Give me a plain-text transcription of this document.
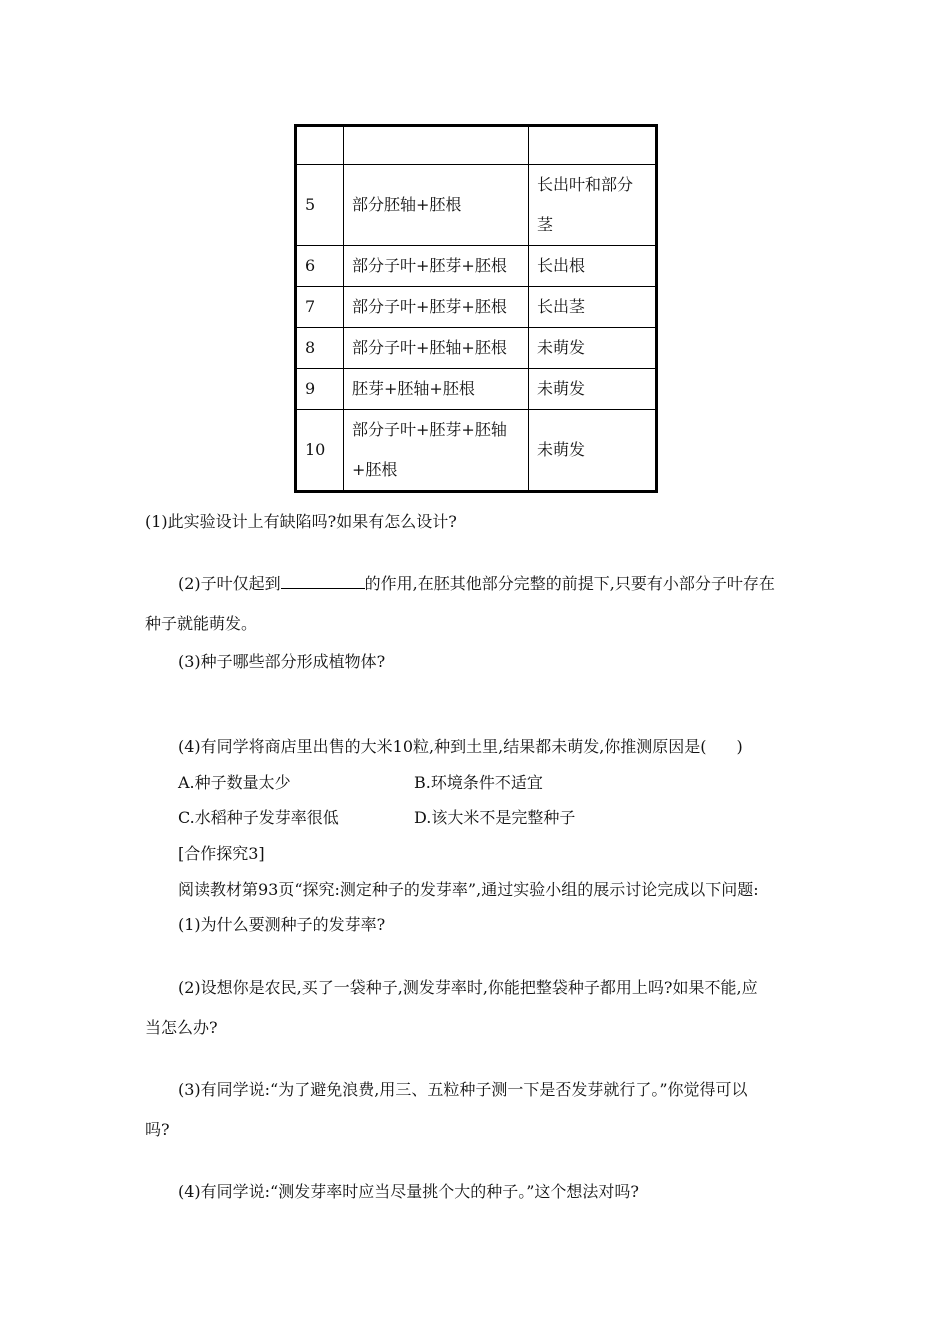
5	部分胚轴+胚根	长出叶和部分茎
6	部分子叶+胚芽+胚根	长出根
7	部分子叶+胚芽+胚根	长出茎
8	部分子叶+胚轴+胚根	未萌发
9	胚芽+胚轴+胚根	未萌发
10	部分子叶+胚芽+胚轴+胚根	未萌发
(1)此实验设计上有缺陷吗?如果有怎么设计?
(2)子叶仅起到	的作用,在胚其他部分完整的前提下,只要有小部分子叶存在
种子就能萌发。
(3)种子哪些部分形成植物体?
(4)有同学将商店里出售的大米10粒,种到土里,结果都未萌发,你推测原因是( )
A.种子数量太少	B.环境条件不适宜
C.水稻种子发芽率很低	D.该大米不是完整种子
[合作探究3]
阅读教材第93页“探究:测定种子的发芽率”,通过实验小组的展示讨论完成以下问题:
(1)为什么要测种子的发芽率?
(2)设想你是农民,买了一袋种子,测发芽率时,你能把整袋种子都用上吗?如果不能,应
当怎么办?
(3)有同学说:“为了避免浪费,用三、五粒种子测一下是否发芽就行了。”你觉得可以
吗?
(4)有同学说:“测发芽率时应当尽量挑个大的种子。”这个想法对吗?
